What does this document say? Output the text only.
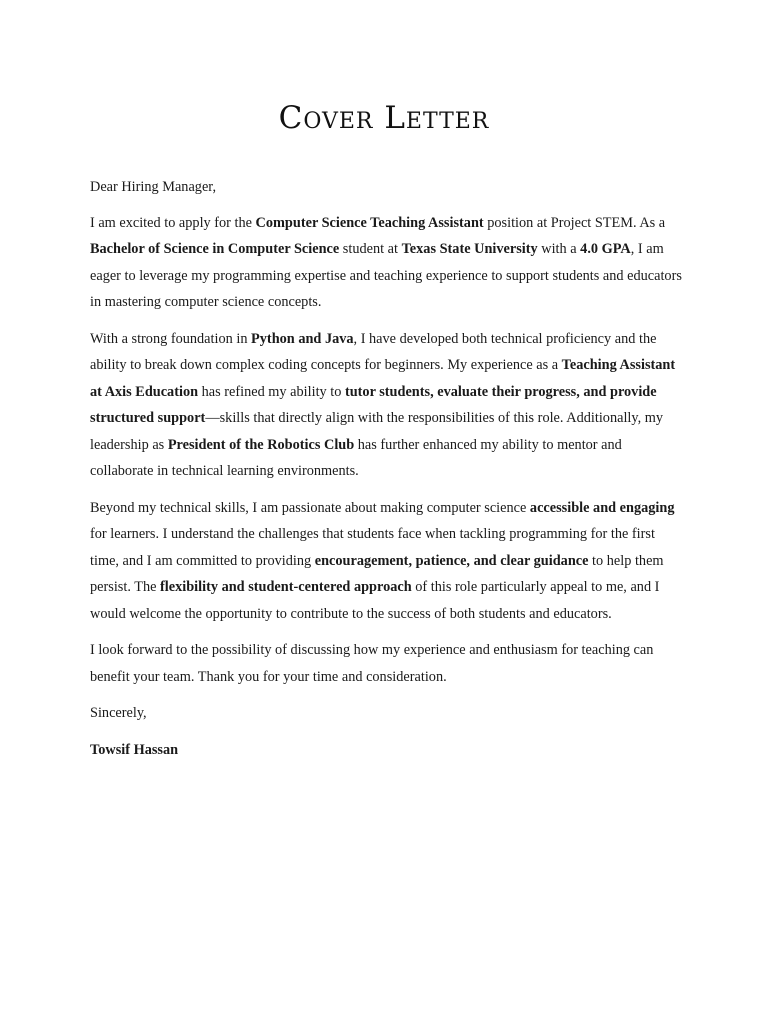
Cover Letter

Dear Hiring Manager,

I am excited to apply for the Computer Science Teaching Assistant position at Project STEM. As a Bachelor of Science in Computer Science student at Texas State University with a 4.0 GPA, I am eager to leverage my programming expertise and teaching experience to support students and educators in mastering computer science concepts.

With a strong foundation in Python and Java, I have developed both technical proficiency and the ability to break down complex coding concepts for beginners. My experience as a Teaching Assistant at Axis Education has refined my ability to tutor students, evaluate their progress, and provide structured support—skills that directly align with the responsibilities of this role. Additionally, my leadership as President of the Robotics Club has further enhanced my ability to mentor and collaborate in technical learning environments.

Beyond my technical skills, I am passionate about making computer science accessible and engaging for learners. I understand the challenges that students face when tackling programming for the first time, and I am committed to providing encouragement, patience, and clear guidance to help them persist. The flexibility and student-centered approach of this role particularly appeal to me, and I would welcome the opportunity to contribute to the success of both students and educators.

I look forward to the possibility of discussing how my experience and enthusiasm for teaching can benefit your team. Thank you for your time and consideration.

Sincerely,

Towsif Hassan
